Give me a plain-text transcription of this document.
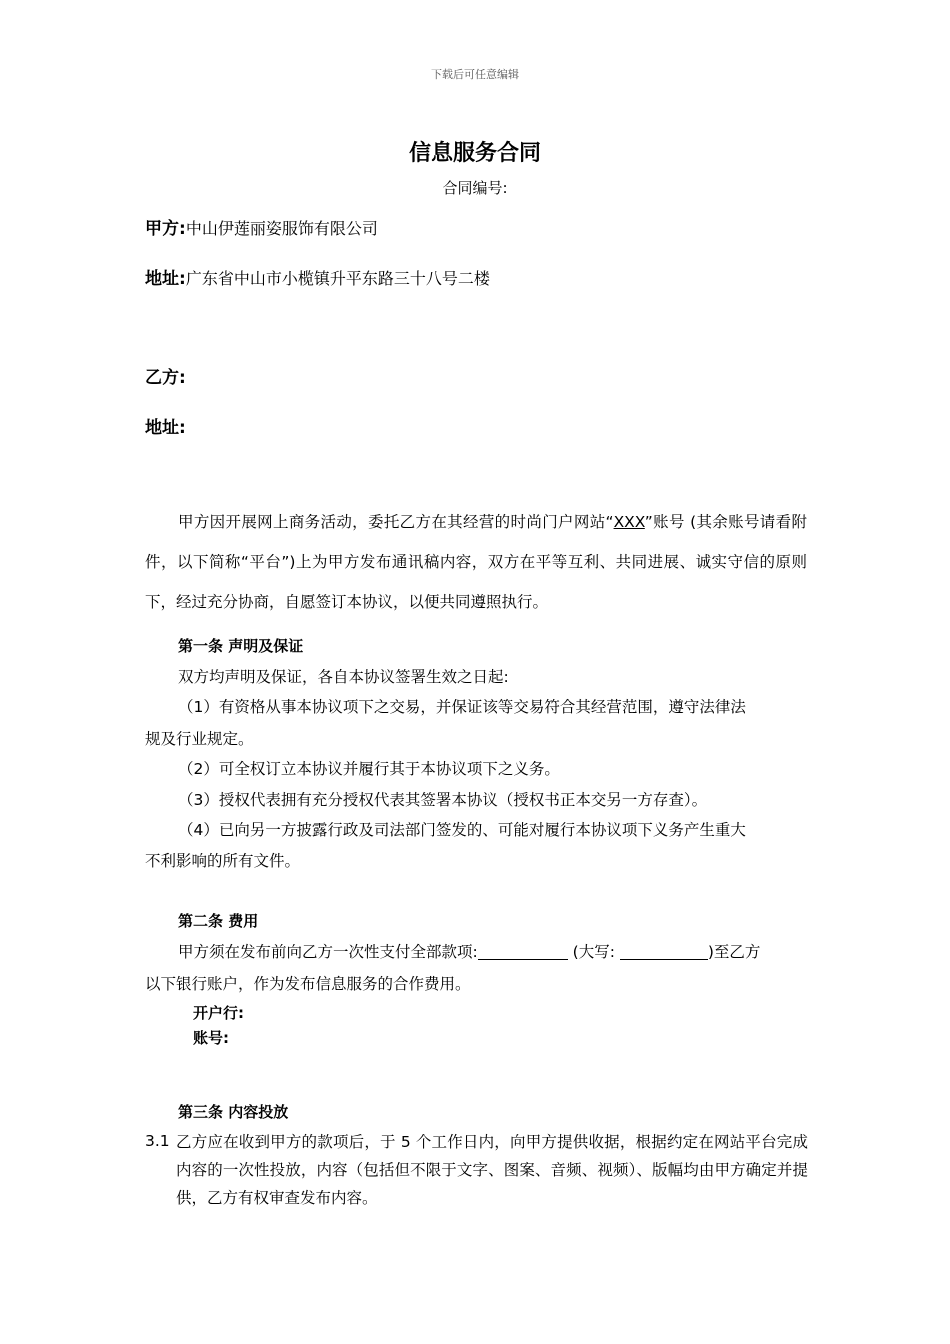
下载后可任意编辑
信息服务合同
合同编号:
甲方:中山伊莲丽姿服饰有限公司
地址:广东省中山市小榄镇升平东路三十八号二楼
乙方:
地址:
甲方因开展网上商务活动，委托乙方在其经营的时尚门户网站“XXX”账号 (其余账号请看附件，以下简称“平台”)上为甲方发布通讯稿内容，双方在平等互利、共同进展、诚实守信的原则下，经过充分协商，自愿签订本协议，以便共同遵照执行。
第一条 声明及保证
双方均声明及保证，各自本协议签署生效之日起:
（1）有资格从事本协议项下之交易，并保证该等交易符合其经营范围，遵守法律法
规及行业规定。
（2）可全权订立本协议并履行其于本协议项下之义务。
（3）授权代表拥有充分授权代表其签署本协议（授权书正本交另一方存查）。
（4）已向另一方披露行政及司法部门签发的、可能对履行本协议项下义务产生重大
不利影响的所有文件。
第二条 费用
甲方须在发布前向乙方一次性支付全部款项:	(大写:	)至乙方
以下银行账户，作为发布信息服务的合作费用。
开户行:
账号:
第三条 内容投放
3.1 乙方应在收到甲方的款项后，于 5 个工作日内，向甲方提供收据，根据约定在网站平台完成内容的一次性投放，内容（包括但不限于文字、图案、音频、视频）、版幅均由甲方确定并提供，乙方有权审查发布内容。
